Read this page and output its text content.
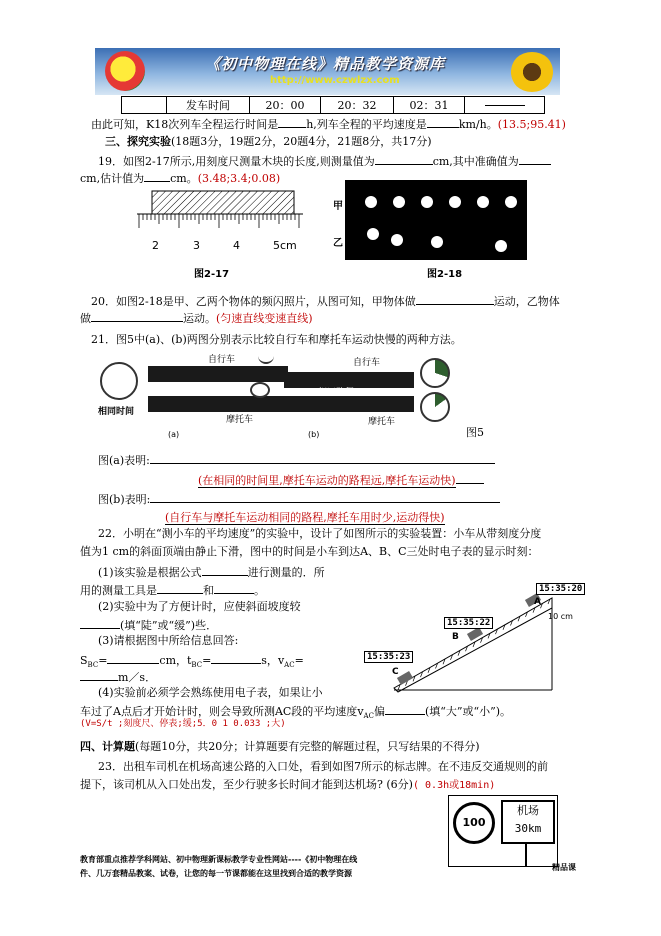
《初中物理在线》精品教学资源库
http://www.czwlzx.com
	发车时间	20：00	20：32	02：31	
由此可知，K18次列车全程运行时间是	h,列车全程的平均速度是	km/h。(13.5;95.41)
三、探究实验(18题3分，19题2分，20题4分，21题8分，共17分)
19．如图2-17所示,用刻度尺测量木块的长度,则测量值为	cm,其中准确值为
cm,估计值为 cm。(3.48;3.4;0.08)
2	3	4	5 cm
图2-17
甲
乙
图2-18
20．如图2-18是甲、乙两个物体的频闪照片，从图可知，甲物体做	运动，乙物体
做	运动。(匀速直线变速直线)
21．图5中(a)、(b)两图分别表示比较自行车和摩托车运动快慢的两种方法。
相同时间
自行车
摩托车
(a)
相同路程
自行车
摩托车
(b)	图5
图(a)表明:
(在相同的时间里,摩托车运动的路程远,摩托车运动快)
图(b)表明:
(自行车与摩托车运动相同的路程,摩托车用时少,运动得快)
22．小明在“测小车的平均速度”的实验中，设计了如图所示的实验装置：小车从带刻度分度
值为1 cm的斜面顶端由静止下滑，图中的时间是小车到达A、B、C三处时电子表的显示时刻：
(1)该实验是根据公式	进行测量的．所
用的测量工具是	和	。
(2)实验中为了方便计时，应使斜面坡度较
(填“陡”或“缓”)些．
(3)请根据图中所给信息回答:
$S_{BC}=$	cm，$t_{BC}=$	s，$v_{AC}=$
m／s．
(4)实验前必须学会熟练使用电子表，如果让小
车过了A点后才开始计时，则会导致所测AC段的平均速度$v_{AC}$偏	(填“大”或“小”)。
(V=S/t ;刻度尺、停表;缓;5．0 1 0.033 ;大)
15:35:20
15:35:22
15:35:23
A
B
C
10 cm
四、计算题(每题10分，共20分；计算题要有完整的解题过程，只写结果的不得分)
23．出租车司机在机场高速公路的入口处，看到如图7所示的标志牌。在不违反交通规则的前
提下，该司机从入口处出发，至少行驶多长时间才能到达机场? (6分)( 0.3h或18min)
100
机场
30km
教育部重点推荐学科网站、初中物理新课标教学专业性网站----《初中物理在线
件、几万套精品教案、试卷，让您的每一节课都能在这里找到合适的教学资源
精品课
